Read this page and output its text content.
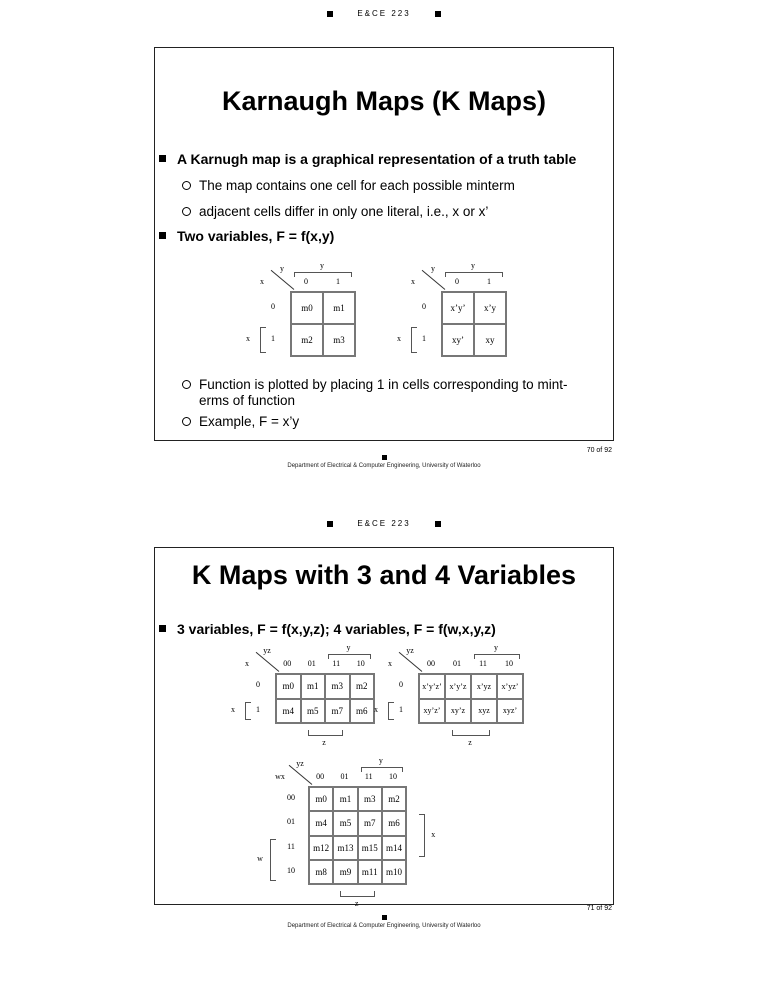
E&CE 223
Karnaugh Maps (K Maps)
A Karnugh map is a graphical representation of a truth table
The map contains one cell for each possible minterm
adjacent cells differ in only one literal, i.e., x or x’
Two variables, F = f(x,y)
Function is plotted by placing 1 in cells corresponding to mint-
erms of function
Example, F = x’y
m0	m1
m2	m3
0	1
0
1
y
x
y
x
x’y’	x’y
xy’	xy
0	1
0
1
y
x
y
x
Department of Electrical & Computer Engineering, University of Waterloo
70 of 92
E&CE 223
K Maps with 3 and 4 Variables
3 variables, F = f(x,y,z); 4 variables, F = f(w,x,y,z)
m0	m1	m3	m2
m4	m5	m7	m6
00	01	11	10
0
1
yz
x
y
x
z
x’y’z’ x’y’z	x’yz	x’yz’
xy’z’	xy’z	xyz	xyz’
00	01	11	10
0
1
yz
x
y
x
z
m0	m1	m3	m2
m4	m5	m7	m6
m12 m13 m15 m14
m8	m9	m11 m10
00	01	11	10
00
01
11
10
yz
wx
y
z
x
w
Department of Electrical & Computer Engineering, University of Waterloo
71 of 92
